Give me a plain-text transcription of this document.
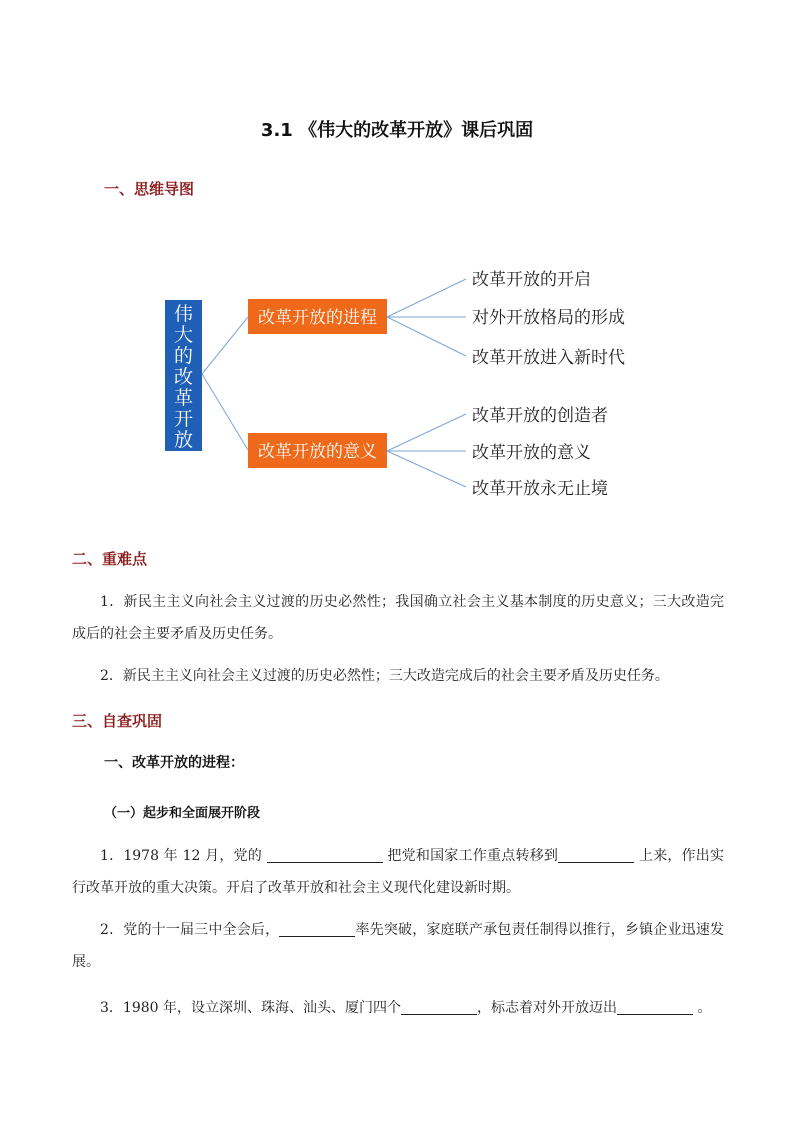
3.1 《伟大的改革开放》课后巩固
一、思维导图
伟
大
的
改
革
开
放
改革开放的进程
改革开放的意义
改革开放的开启
对外开放格局的形成
改革开放进入新时代
改革开放的创造者
改革开放的意义
改革开放永无止境
二、重难点
1．新民主主义向社会主义过渡的历史必然性；我国确立社会主义基本制度的历史意义；三大改造完成后的社会主要矛盾及历史任务。
2．新民主主义向社会主义过渡的历史必然性；三大改造完成后的社会主要矛盾及历史任务。
三、自查巩固
一、改革开放的进程：
（一）起步和全面展开阶段
1．1978 年 12 月，党的	把党和国家工作重点转移到	上来，作出实行改革开放的重大决策。开启了改革开放和社会主义现代化建设新时期。
2．党的十一届三中全会后，	率先突破，家庭联产承包责任制得以推行，乡镇企业迅速发展。
3．1980 年，设立深圳、珠海、汕头、厦门四个	，标志着对外开放迈出	。
